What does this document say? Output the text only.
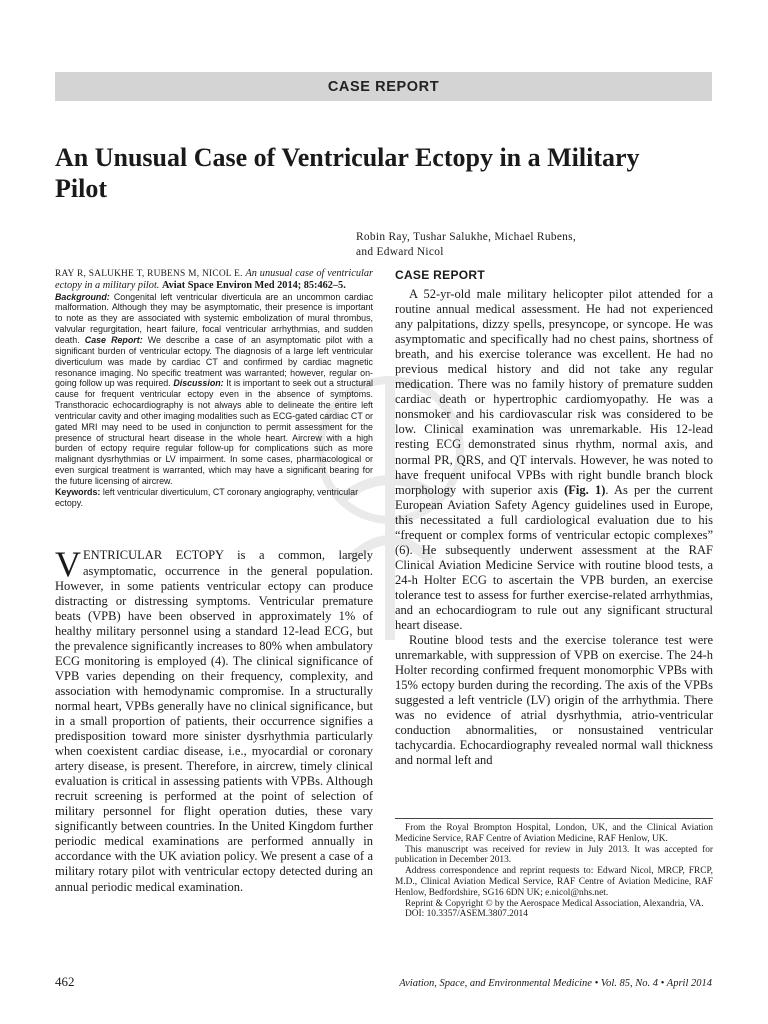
CASE REPORT
An Unusual Case of Ventricular Ectopy in a Military Pilot
Robin Ray, Tushar Salukhe, Michael Rubens,
and Edward Nicol
RAY R, SALUKHE T, RUBENS M, NICOL E. An unusual case of ventricular ectopy in a military pilot. Aviat Space Environ Med 2014; 85:462–5.

Background: Congenital left ventricular diverticula are an uncommon cardiac malformation. Although they may be asymptomatic, their presence is important to note as they are associated with systemic embolization of mural thrombus, valvular regurgitation, heart failure, focal ventricular arrhythmias, and sudden death. Case Report: We describe a case of an asymptomatic pilot with a significant burden of ventricular ectopy. The diagnosis of a large left ventricular diverticulum was made by cardiac CT and confirmed by cardiac magnetic resonance imaging. No specific treatment was warranted; however, regular on-going follow up was required. Discussion: It is important to seek out a structural cause for frequent ventricular ectopy even in the absence of symptoms. Transthoracic echocardiography is not always able to delineate the entire left ventricular cavity and other imaging modalities such as ECG-gated cardiac CT or gated MRI may need to be used in conjunction to permit assessment for the presence of structural heart disease in the whole heart. Aircrew with a high burden of ectopy require regular follow-up for complications such as more malignant dysrhythmias or LV impairment. In some cases, pharmacological or even surgical treatment is warranted, which may have a significant bearing for the future licensing of aircrew.

Keywords: left ventricular diverticulum, CT coronary angiography, ventricular ectopy.
VENTRICULAR ECTOPY is a common, largely asymptomatic, occurrence in the general population. However, in some patients ventricular ectopy can produce distracting or distressing symptoms. Ventricular premature beats (VPB) have been observed in approximately 1% of healthy military personnel using a standard 12-lead ECG, but the prevalence significantly increases to 80% when ambulatory ECG monitoring is employed (4). The clinical significance of VPB varies depending on their frequency, complexity, and association with hemodynamic compromise. In a structurally normal heart, VPBs generally have no clinical significance, but in a small proportion of patients, their occurrence signifies a predisposition toward more sinister dysrhythmia particularly when coexistent cardiac disease, i.e., myocardial or coronary artery disease, is present. Therefore, in aircrew, timely clinical evaluation is critical in assessing patients with VPBs. Although recruit screening is performed at the point of selection of military personnel for flight operation duties, these vary significantly between countries. In the United Kingdom further periodic medical examinations are performed annually in accordance with the UK aviation policy. We present a case of a military rotary pilot with ventricular ectopy detected during an annual periodic medical examination.
CASE REPORT

A 52-yr-old male military helicopter pilot attended for a routine annual medical assessment. He had not experienced any palpitations, dizzy spells, presyncope, or syncope. He was asymptomatic and specifically had no chest pains, shortness of breath, and his exercise tolerance was excellent. He had no previous medical history and did not take any regular medication. There was no family history of premature sudden cardiac death or hypertrophic cardiomyopathy. He was a nonsmoker and his cardiovascular risk was considered to be low. Clinical examination was unremarkable. His 12-lead resting ECG demonstrated sinus rhythm, normal axis, and normal PR, QRS, and QT intervals. However, he was noted to have frequent unifocal VPBs with right bundle branch block morphology with superior axis (Fig. 1). As per the current European Aviation Safety Agency guidelines used in Europe, this necessitated a full cardiological evaluation due to his “frequent or complex forms of ventricular ectopic complexes” (6). He subsequently underwent assessment at the RAF Clinical Aviation Medicine Service with routine blood tests, a 24-h Holter ECG to ascertain the VPB burden, an exercise tolerance test to assess for further exercise-related arrhythmias, and an echocardiogram to rule out any significant structural heart disease.

Routine blood tests and the exercise tolerance test were unremarkable, with suppression of VPB on exercise. The 24-h Holter recording confirmed frequent monomorphic VPBs with 15% ectopy burden during the recording. The axis of the VPBs suggested a left ventricle (LV) origin of the arrhythmia. There was no evidence of atrial dysrhythmia, atrio-ventricular conduction abnormalities, or nonsustained ventricular tachycardia. Echocardiography revealed normal wall thickness and normal left and

From the Royal Brompton Hospital, London, UK, and the Clinical Aviation Medicine Service, RAF Centre of Aviation Medicine, RAF Henlow, UK.

This manuscript was received for review in July 2013. It was accepted for publication in December 2013.

Address correspondence and reprint requests to: Edward Nicol, MRCP, FRCP, M.D., Clinical Aviation Medical Service, RAF Centre of Aviation Medicine, RAF Henlow, Bedfordshire, SG16 6DN UK; e.nicol@nhs.net.

Reprint & Copyright © by the Aerospace Medical Association, Alexandria, VA.

DOI: 10.3357/ASEM.3807.2014

462	Aviation, Space, and Environmental Medicine • Vol. 85, No. 4 • April 2014
